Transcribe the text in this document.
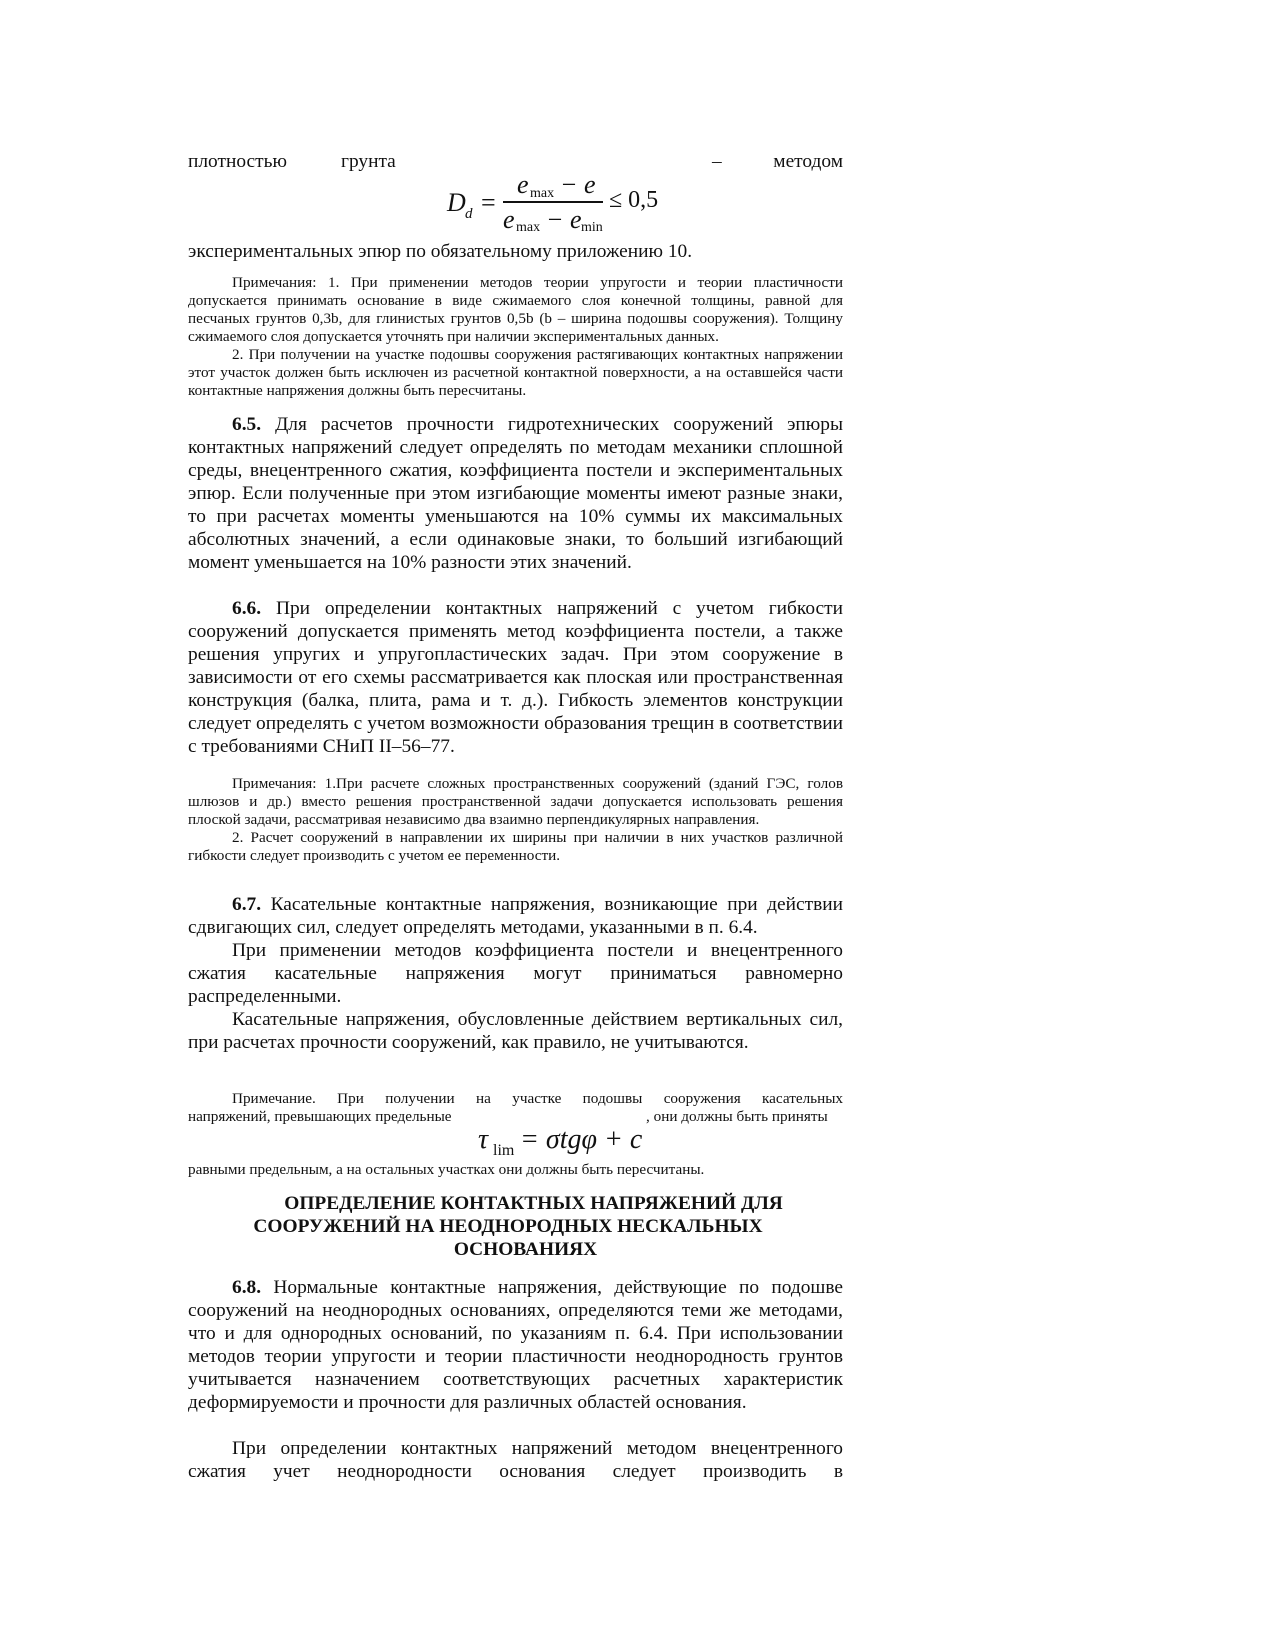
плотностью	грунта	–	методом
D d =
e max − e
e max − e min
≤ 0,5

экспериментальных эпюр по обязательному приложению 10.

Примечания: 1. При применении методов теории упругости и теории пластичности допускается принимать основание в виде сжимаемого слоя конечной толщины, равной для песчаных грунтов 0,3b, для глинистых грунтов 0,5b (b – ширина подошвы сооружения). Толщину сжимаемого слоя допускается уточнять при наличии экспериментальных данных.

2. При получении на участке подошвы сооружения растягивающих контактных напряжении этот участок должен быть исключен из расчетной контактной поверхности, а на оставшейся части контактные напряжения должны быть пересчитаны.

6.5. Для расчетов прочности гидротехнических сооружений эпюры контактных напряжений следует определять по методам механики сплошной среды, внецентренного сжатия, коэффициента постели и экспериментальных эпюр. Если полученные при этом изгибающие моменты имеют разные знаки, то при расчетах моменты уменьшаются на 10% суммы их максимальных абсолютных значений, а если одинаковые знаки, то больший изгибающий момент уменьшается на 10% разности этих значений.

6.6. При определении контактных напряжений с учетом гибкости сооружений допускается применять метод коэффициента постели, а также решения упругих и упругопластических задач. При этом сооружение в зависимости от его схемы рассматривается как плоская или пространственная конструкция (балка, плита, рама и т. д.). Гибкость элементов конструкции следует определять с учетом возможности образования трещин в соответствии с требованиями СНиП II–56–77.

Примечания: 1.При расчете сложных пространственных сооружений (зданий ГЭС, голов шлюзов и др.) вместо решения пространственной задачи допускается использовать решения плоской задачи, рассматривая независимо два взаимно перпендикулярных направления.

2. Расчет сооружений в направлении их ширины при наличии в них участков различной гибкости следует производить с учетом ее переменности.

6.7. Касательные контактные напряжения, возникающие при действии сдвигающих сил, следует определять методами, указанными в п. 6.4.

При применении методов коэффициента постели и внецентренного сжатия касательные напряжения могут приниматься равномерно распределенными.

Касательные напряжения, обусловленные действием вертикальных сил, при расчетах прочности сооружений, как правило, не учитываются.

Примечание. При получении на участке подошвы сооружения касательных

напряжений, превышающих предельные	, они должны быть приняты
τ lim = σtgφ + c
равными предельным, а на остальных участках они должны быть пересчитаны.

ОПРЕДЕЛЕНИЕ КОНТАКТНЫХ НАПРЯЖЕНИЙ ДЛЯ

СООРУЖЕНИЙ НА НЕОДНОРОДНЫХ НЕСКАЛЬНЫХ

ОСНОВАНИЯХ

6.8. Нормальные контактные напряжения, действующие по подошве сооружений на неоднородных основаниях, определяются теми же методами, что и для однородных оснований, по указаниям п. 6.4. При использовании методов теории упругости и теории пластичности неоднородность грунтов учитывается назначением соответствующих расчетных характеристик деформируемости и прочности для различных областей основания.

При определении контактных напряжений методом внецентренного

сжатия учет неоднородности основания следует производить в
